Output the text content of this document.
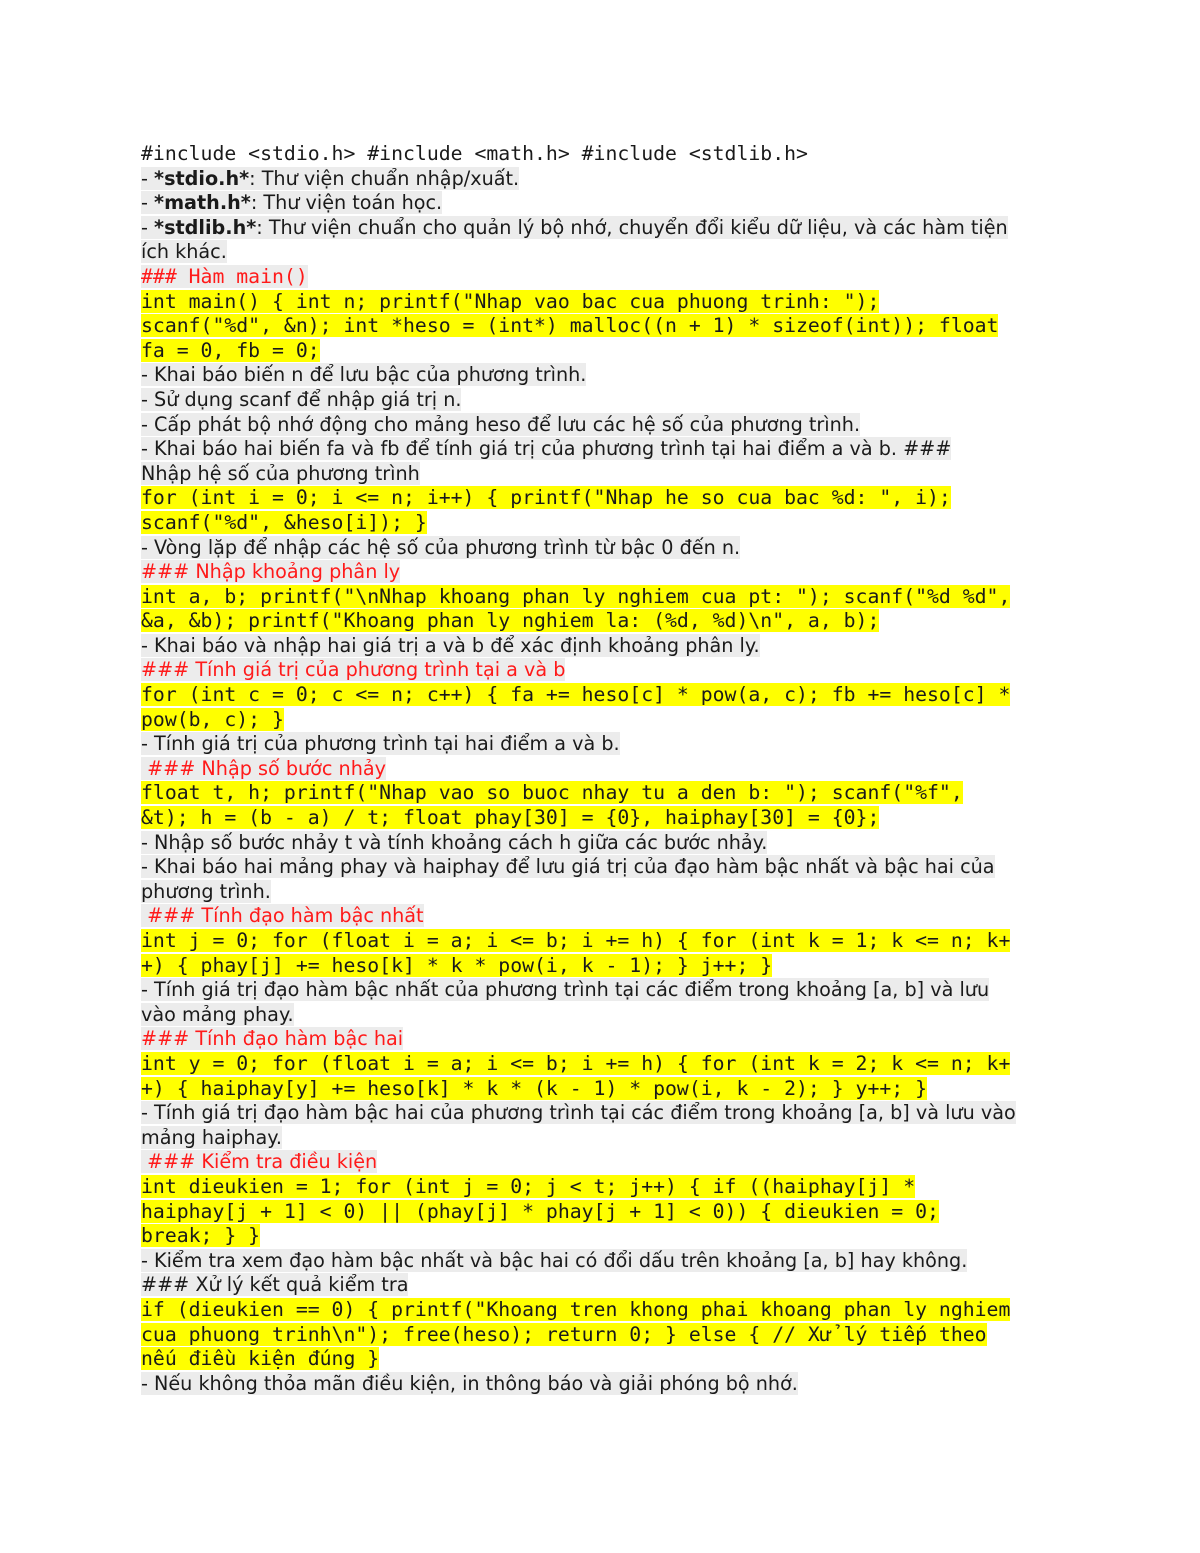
#include <stdio.h> #include <math.h> #include <stdlib.h>
- *stdio.h*: Thư viện chuẩn nhập/xuất.
- *math.h*: Thư viện toán học.
- *stdlib.h*: Thư viện chuẩn cho quản lý bộ nhớ, chuyển đổi kiểu dữ liệu, và các hàm tiện
ích khác.
### Hàm main()
int main() { int n; printf("Nhap vao bac cua phuong trinh: ");
scanf("%d", &n); int *heso = (int*) malloc((n + 1) * sizeof(int)); float
fa = 0, fb = 0;
- Khai báo biến n để lưu bậc của phương trình.
- Sử dụng scanf để nhập giá trị n.
- Cấp phát bộ nhớ động cho mảng heso để lưu các hệ số của phương trình.
- Khai báo hai biến fa và fb để tính giá trị của phương trình tại hai điểm a và b. ###
Nhập hệ số của phương trình
for (int i = 0; i <= n; i++) { printf("Nhap he so cua bac %d: ", i);
scanf("%d", &heso[i]); }
- Vòng lặp để nhập các hệ số của phương trình từ bậc 0 đến n.
### Nhập khoảng phân ly
int a, b; printf("\nNhap khoang phan ly nghiem cua pt: "); scanf("%d %d",
&a, &b); printf("Khoang phan ly nghiem la: (%d, %d)\n", a, b);
- Khai báo và nhập hai giá trị a và b để xác định khoảng phân ly.
### Tính giá trị của phương trình tại a và b
for (int c = 0; c <= n; c++) { fa += heso[c] * pow(a, c); fb += heso[c] *
pow(b, c); }
- Tính giá trị của phương trình tại hai điểm a và b.
### Nhập số bước nhảy
float t, h; printf("Nhap vao so buoc nhay tu a den b: "); scanf("%f",
&t); h = (b - a) / t; float phay[30] = {0}, haiphay[30] = {0};
- Nhập số bước nhảy t và tính khoảng cách h giữa các bước nhảy.
- Khai báo hai mảng phay và haiphay để lưu giá trị của đạo hàm bậc nhất và bậc hai của
phương trình.
### Tính đạo hàm bậc nhất
int j = 0; for (float i = a; i <= b; i += h) { for (int k = 1; k <= n; k+
+) { phay[j] += heso[k] * k * pow(i, k - 1); } j++; }
- Tính giá trị đạo hàm bậc nhất của phương trình tại các điểm trong khoảng [a, b] và lưu
vào mảng phay.
### Tính đạo hàm bậc hai
int y = 0; for (float i = a; i <= b; i += h) { for (int k = 2; k <= n; k+
+) { haiphay[y] += heso[k] * k * (k - 1) * pow(i, k - 2); } y++; }
- Tính giá trị đạo hàm bậc hai của phương trình tại các điểm trong khoảng [a, b] và lưu vào
mảng haiphay.
### Kiểm tra điều kiện
int dieukien = 1; for (int j = 0; j < t; j++) { if ((haiphay[j] *
haiphay[j + 1] < 0) || (phay[j] * phay[j + 1] < 0)) { dieukien = 0;
break; } }
- Kiểm tra xem đạo hàm bậc nhất và bậc hai có đổi dấu trên khoảng [a, b] hay không.
### Xử lý kết quả kiểm tra
if (dieukien == 0) { printf("Khoang tren khong phai khoang phan ly nghiem
cua phuong trinh\n"); free(heso); return 0; } else { // Xử lý tiếp theo
nếu điều kiện đúng }
- Nếu không thỏa mãn điều kiện, in thông báo và giải phóng bộ nhớ.
